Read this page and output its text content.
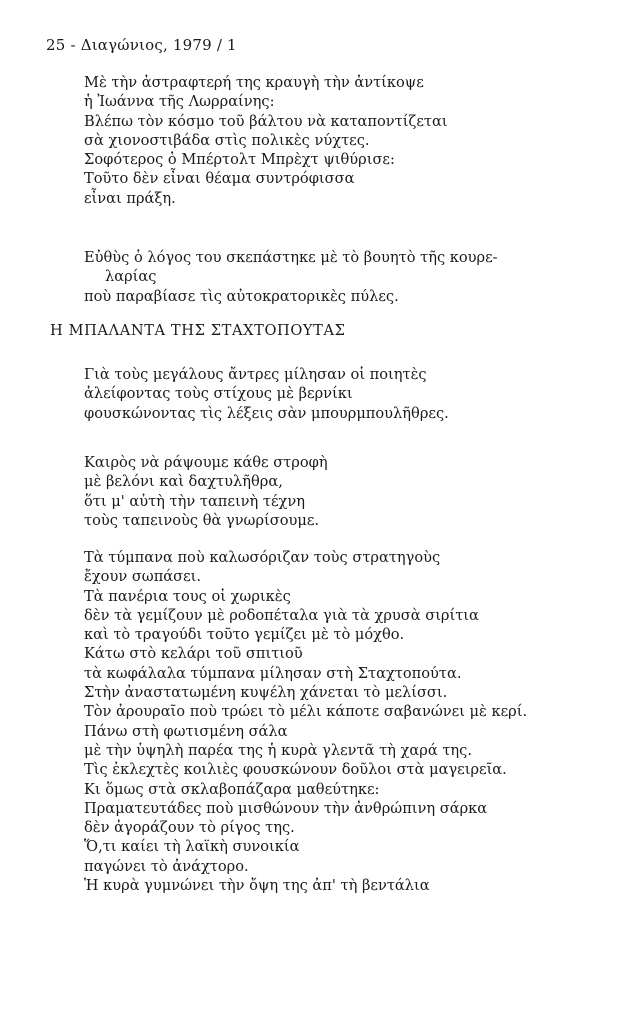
25 - Διαγώνιος, 1979 / 1
Μὲ τὴν ἀστραφτερή της κραυγὴ τὴν ἀντίκοψε
ἡ Ἰωάννα τῆς Λωρραίνης:
Βλέπω τὸν κόσμο τοῦ βάλτου νὰ καταποντίζεται
σὰ χιονοστιβάδα στὶς πολικὲς νύχτες.
Σοφότερος ὁ Μπέρτολτ Μπρὲχτ ψιθύρισε:
Τοῦτο δὲν εἶναι θέαμα συντρόφισσα
εἶναι πράξη.
Εὐθὺς ὁ λόγος του σκεπάστηκε μὲ τὸ βουητὸ τῆς κουρε-
λαρίας
ποὺ παραβίασε τὶς αὐτοκρατορικὲς πύλες.
Η ΜΠΑΛΑΝΤΑ ΤΗΣ ΣΤΑΧΤΟΠΟΥΤΑΣ
Γιὰ τοὺς μεγάλους ἄντρες μίλησαν οἱ ποιητὲς
ἀλείφοντας τοὺς στίχους μὲ βερνίκι
φουσκώνοντας τὶς λέξεις σὰν μπουρμπουλῆθρες.
Καιρὸς νὰ ράψουμε κάθε στροφὴ
μὲ βελόνι καὶ δαχτυλῆθρα,
ὅτι μ' αὐτὴ τὴν ταπεινὴ τέχνη
τοὺς ταπεινοὺς θὰ γνωρίσουμε.
Τὰ τύμπανα ποὺ καλωσόριζαν τοὺς στρατηγοὺς
ἔχουν σωπάσει.
Τὰ πανέρια τους οἱ χωρικὲς
δὲν τὰ γεμίζουν μὲ ροδοπέταλα γιὰ τὰ χρυσὰ σιρίτια
καὶ τὸ τραγούδι τοῦτο γεμίζει μὲ τὸ μόχθο.
Κάτω στὸ κελάρι τοῦ σπιτιοῦ
τὰ κωφάλαλα τύμπανα μίλησαν στὴ Σταχτοπούτα.
Στὴν ἀναστατωμένη κυψέλη χάνεται τὸ μελίσσι.
Τὸν ἀρουραῖο ποὺ τρώει τὸ μέλι κάποτε σαβανώνει μὲ κερί.
Πάνω στὴ φωτισμένη σάλα
μὲ τὴν ὑψηλὴ παρέα της ἡ κυρὰ γλεντᾶ τὴ χαρά της.
Τὶς ἐκλεχτὲς κοιλιὲς φουσκώνουν δοῦλοι στὰ μαγειρεῖα.
Κι ὅμως στὰ σκλαβοπάζαρα μαθεύτηκε:
Πραματευτάδες ποὺ μισθώνουν τὴν ἀνθρώπινη σάρκα
δὲν ἀγοράζουν τὸ ρίγος της.
Ὅ,τι καίει τὴ λαϊκὴ συνοικία
παγώνει τὸ ἀνάχτορο.
Ἡ κυρὰ γυμνώνει τὴν ὄψη της ἀπ' τὴ βεντάλια
